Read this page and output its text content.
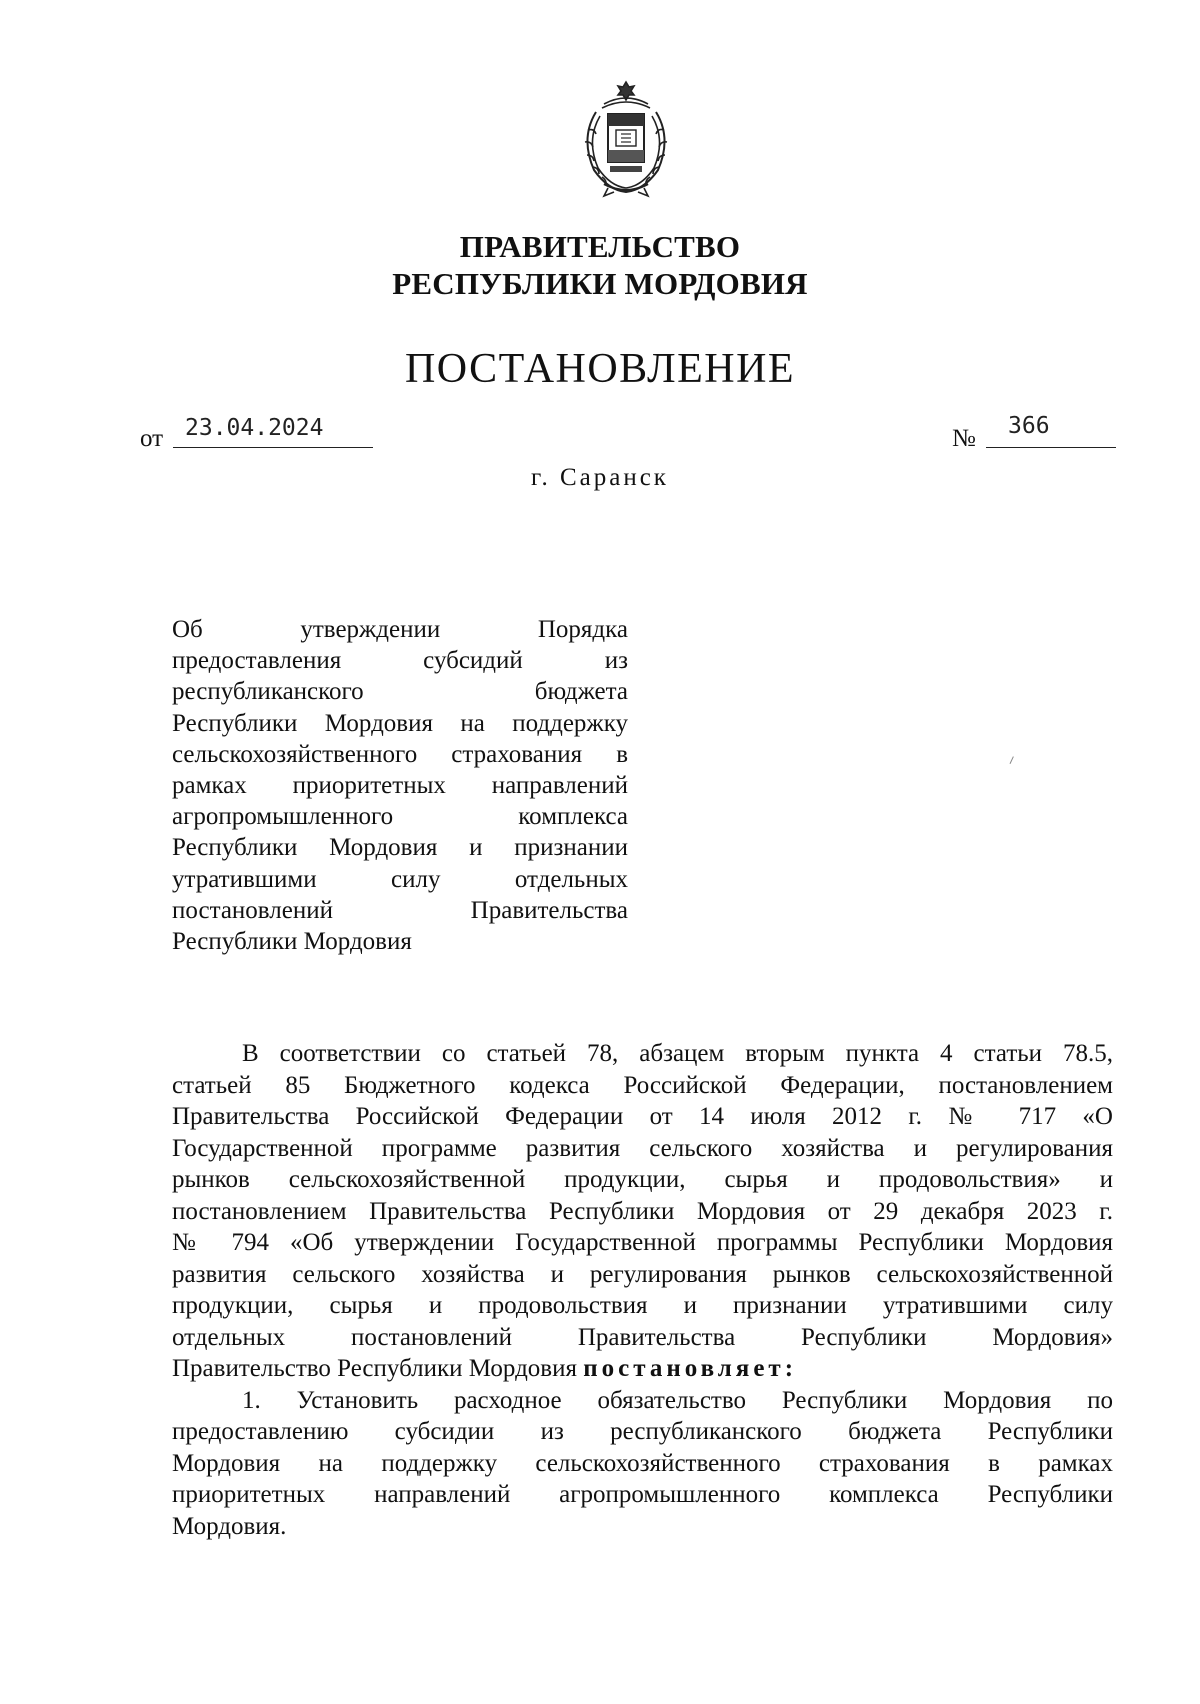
ПРАВИТЕЛЬСТВО
РЕСПУБЛИКИ МОРДОВИЯ
ПОСТАНОВЛЕНИЕ
от 23.04.2024	№ 366
г. Саранск
Об утверждении Порядка
предоставления субсидий из
республиканского бюджета
Республики Мордовия на поддержку
сельскохозяйственного страхования в
рамках приоритетных направлений
агропромышленного комплекса
Республики Мордовия и признании
утратившими силу отдельных
постановлений Правительства
Республики Мордовия
В соответствии со статьей 78, абзацем вторым пункта 4 статьи 78.5,
статьей 85 Бюджетного кодекса Российской Федерации, постановлением
Правительства Российской Федерации от 14 июля 2012 г. № 717 «О
Государственной программе развития сельского хозяйства и регулирования
рынков сельскохозяйственной продукции, сырья и продовольствия» и
постановлением Правительства Республики Мордовия от 29 декабря 2023 г.
№ 794 «Об утверждении Государственной программы Республики Мордовия
развития сельского хозяйства и регулирования рынков сельскохозяйственной
продукции, сырья и продовольствия и признании утратившими силу
отдельных постановлений Правительства Республики Мордовия»
Правительство Республики Мордовия постановляет:
1. Установить расходное обязательство Республики Мордовия по
предоставлению субсидии из республиканского бюджета Республики
Мордовия на поддержку сельскохозяйственного страхования в рамках
приоритетных направлений агропромышленного комплекса Республики
Мордовия.
